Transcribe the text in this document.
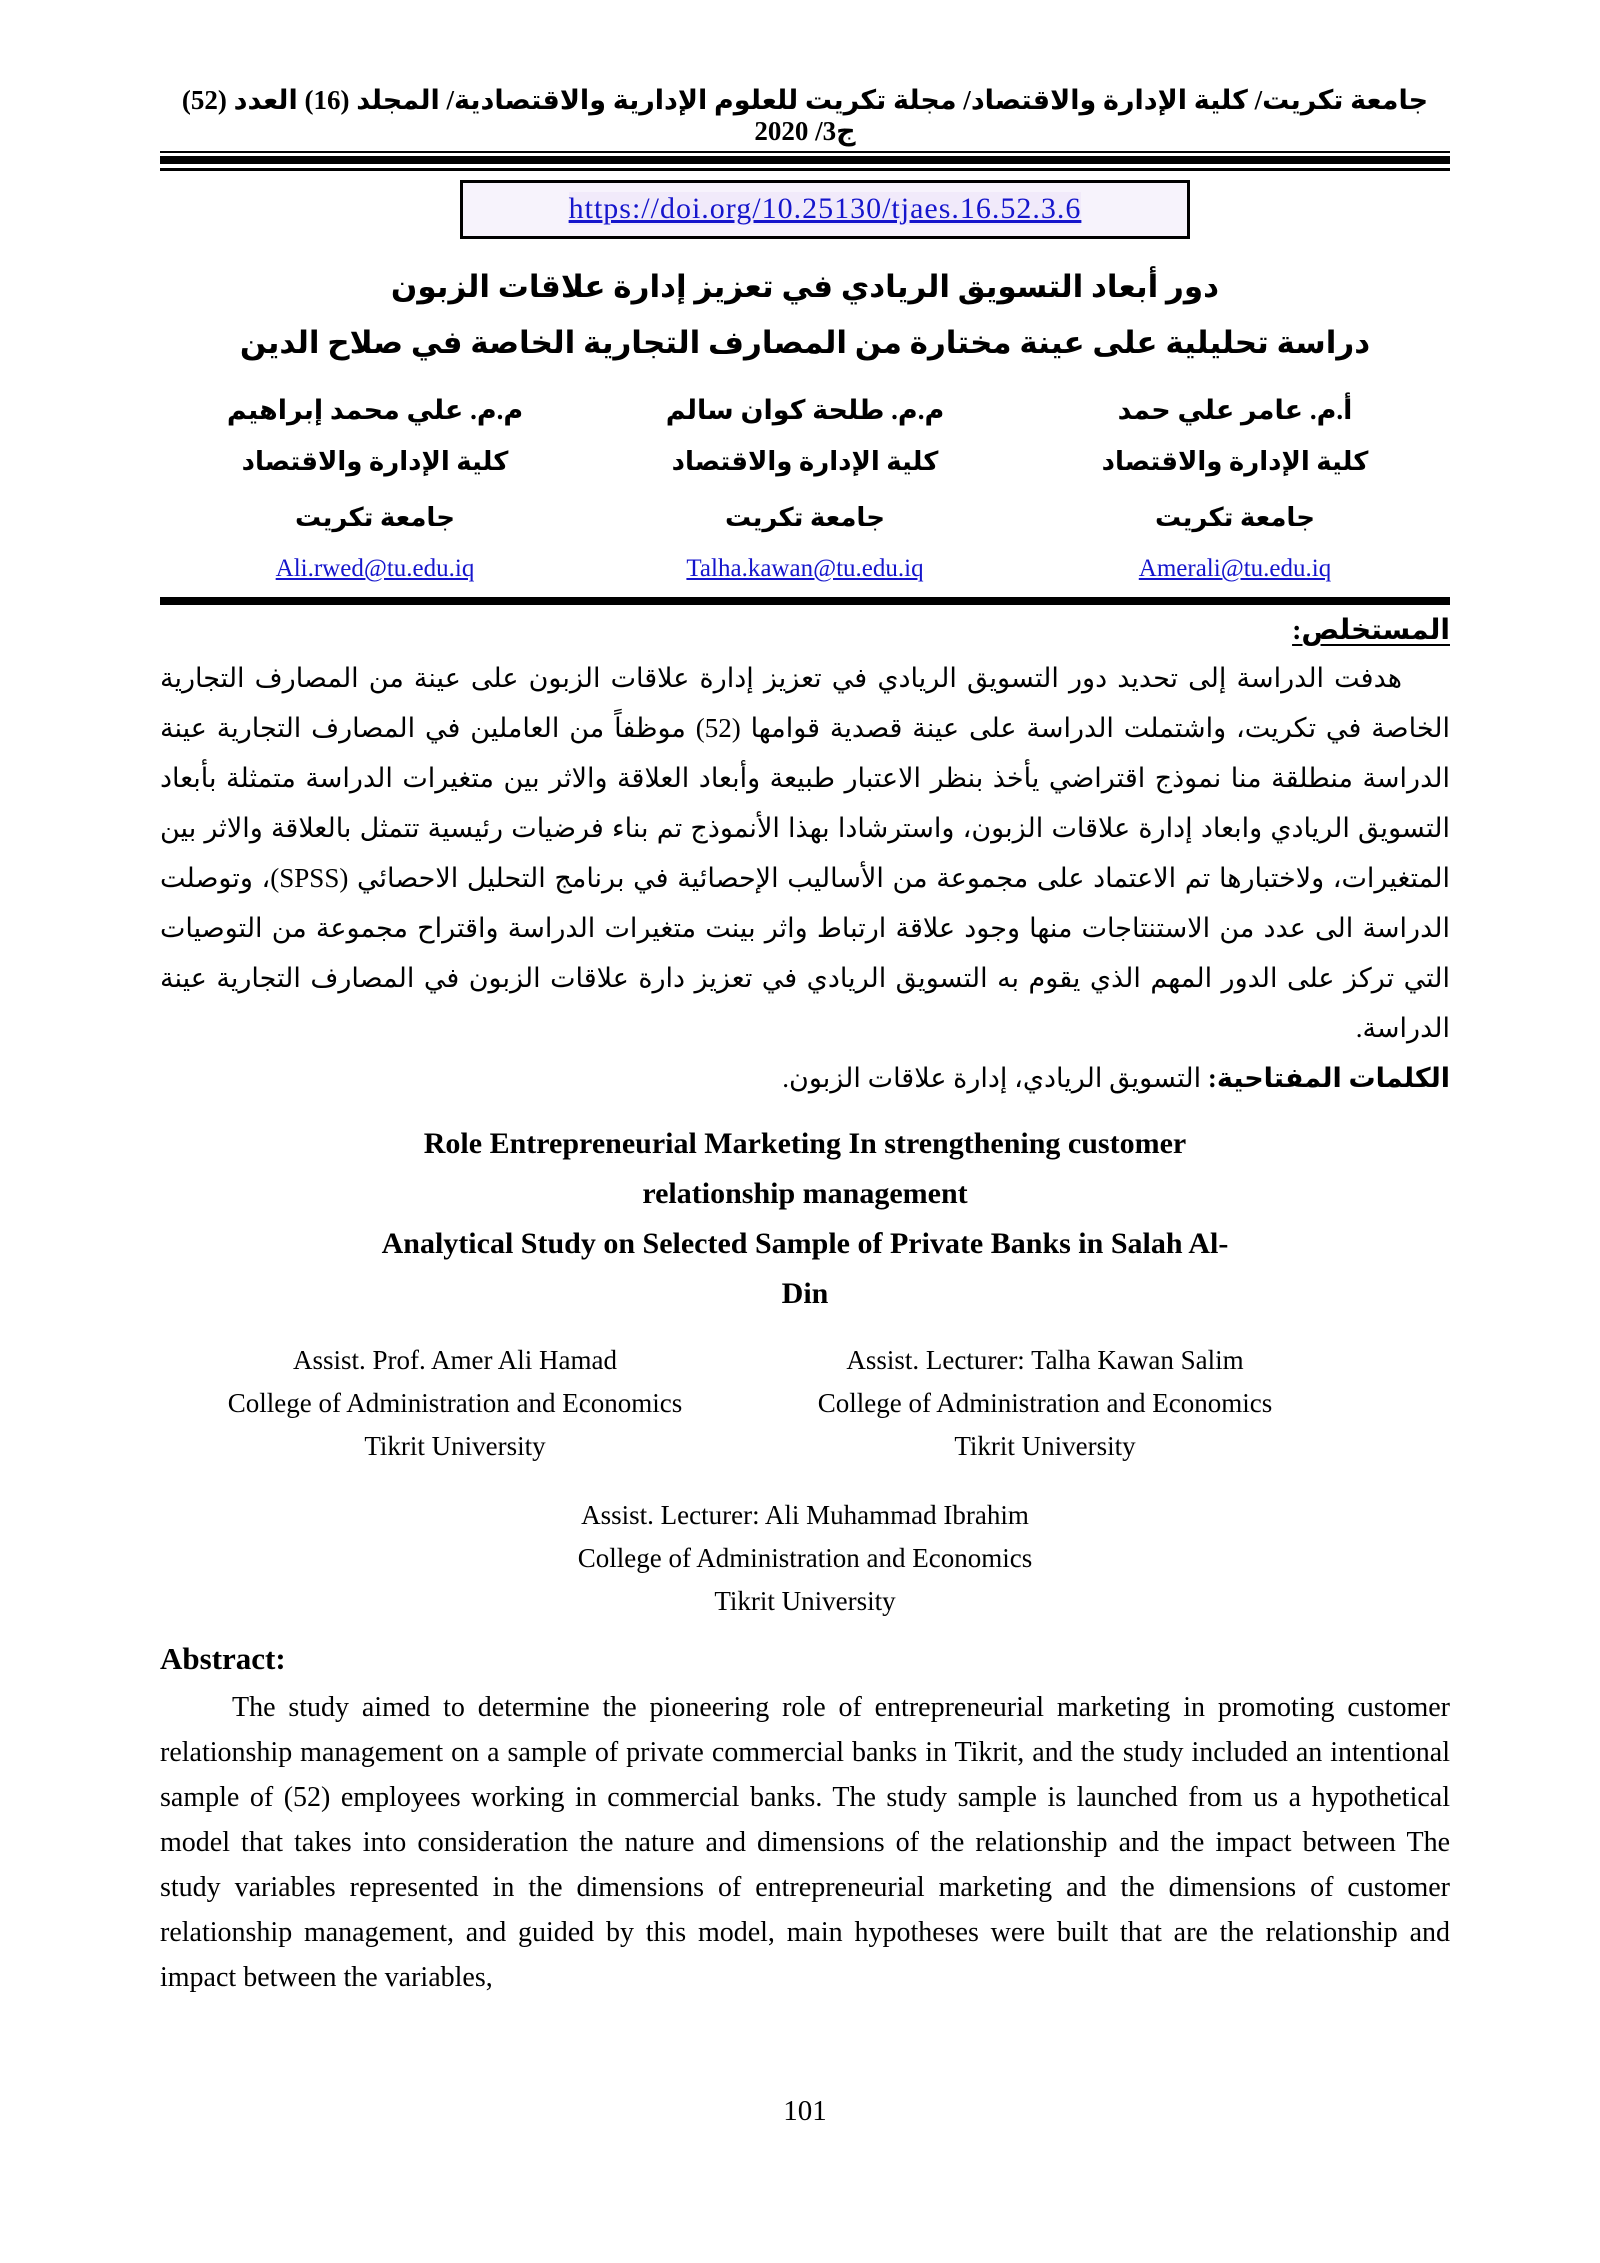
جامعة تكريت/ كلية الإدارة والاقتصاد/ مجلة تكريت للعلوم الإدارية والاقتصادية/ المجلد (16) العدد (52) ج3/ 2020
https://doi.org/10.25130/tjaes.16.52.3.6
دور أبعاد التسويق الريادي في تعزيز إدارة علاقات الزبون
دراسة تحليلية على عينة مختارة من المصارف التجارية الخاصة في صلاح الدين
أ.م. عامر علي حمد
كلية الإدارة والاقتصاد
جامعة تكريت
Amerali@tu.edu.iq
م.م. طلحة كوان سالم
كلية الإدارة والاقتصاد
جامعة تكريت
Talha.kawan@tu.edu.iq
م.م. علي محمد إبراهيم
كلية الإدارة والاقتصاد
جامعة تكريت
Ali.rwed@tu.edu.iq
المستخلص:
هدفت الدراسة إلى تحديد دور التسويق الريادي في تعزيز إدارة علاقات الزبون على عينة من المصارف التجارية الخاصة في تكريت، واشتملت الدراسة على عينة قصدية قوامها (52) موظفاً من العاملين في المصارف التجارية عينة الدراسة منطلقة منا نموذج اقتراضي يأخذ بنظر الاعتبار طبيعة وأبعاد العلاقة والاثر بين متغيرات الدراسة متمثلة بأبعاد التسويق الريادي وابعاد إدارة علاقات الزبون، واسترشادا بهذا الأنموذج تم بناء فرضيات رئيسية تتمثل بالعلاقة والاثر بين المتغيرات، ولاختبارها تم الاعتماد على مجموعة من الأساليب الإحصائية في برنامج التحليل الاحصائي (SPSS)، وتوصلت الدراسة الى عدد من الاستنتاجات منها وجود علاقة ارتباط واثر بينت متغيرات الدراسة واقتراح مجموعة من التوصيات التي تركز على الدور المهم الذي يقوم به التسويق الريادي في تعزيز دارة علاقات الزبون في المصارف التجارية عينة الدراسة.
الكلمات المفتاحية: التسويق الريادي، إدارة علاقات الزبون.
Role Entrepreneurial Marketing In strengthening customer
relationship management
Analytical Study on Selected Sample of Private Banks in Salah Al-
Din
Assist. Prof. Amer Ali Hamad
College of Administration and Economics
Tikrit University
Assist. Lecturer: Talha Kawan Salim
College of Administration and Economics
Tikrit University
Assist. Lecturer: Ali Muhammad Ibrahim
College of Administration and Economics
Tikrit University
Abstract:
The study aimed to determine the pioneering role of entrepreneurial marketing in promoting customer relationship management on a sample of private commercial banks in Tikrit, and the study included an intentional sample of (52) employees working in commercial banks. The study sample is launched from us a hypothetical model that takes into consideration the nature and dimensions of the relationship and the impact between The study variables represented in the dimensions of entrepreneurial marketing and the dimensions of customer relationship management, and guided by this model, main hypotheses were built that are the relationship and impact between the variables,
101
